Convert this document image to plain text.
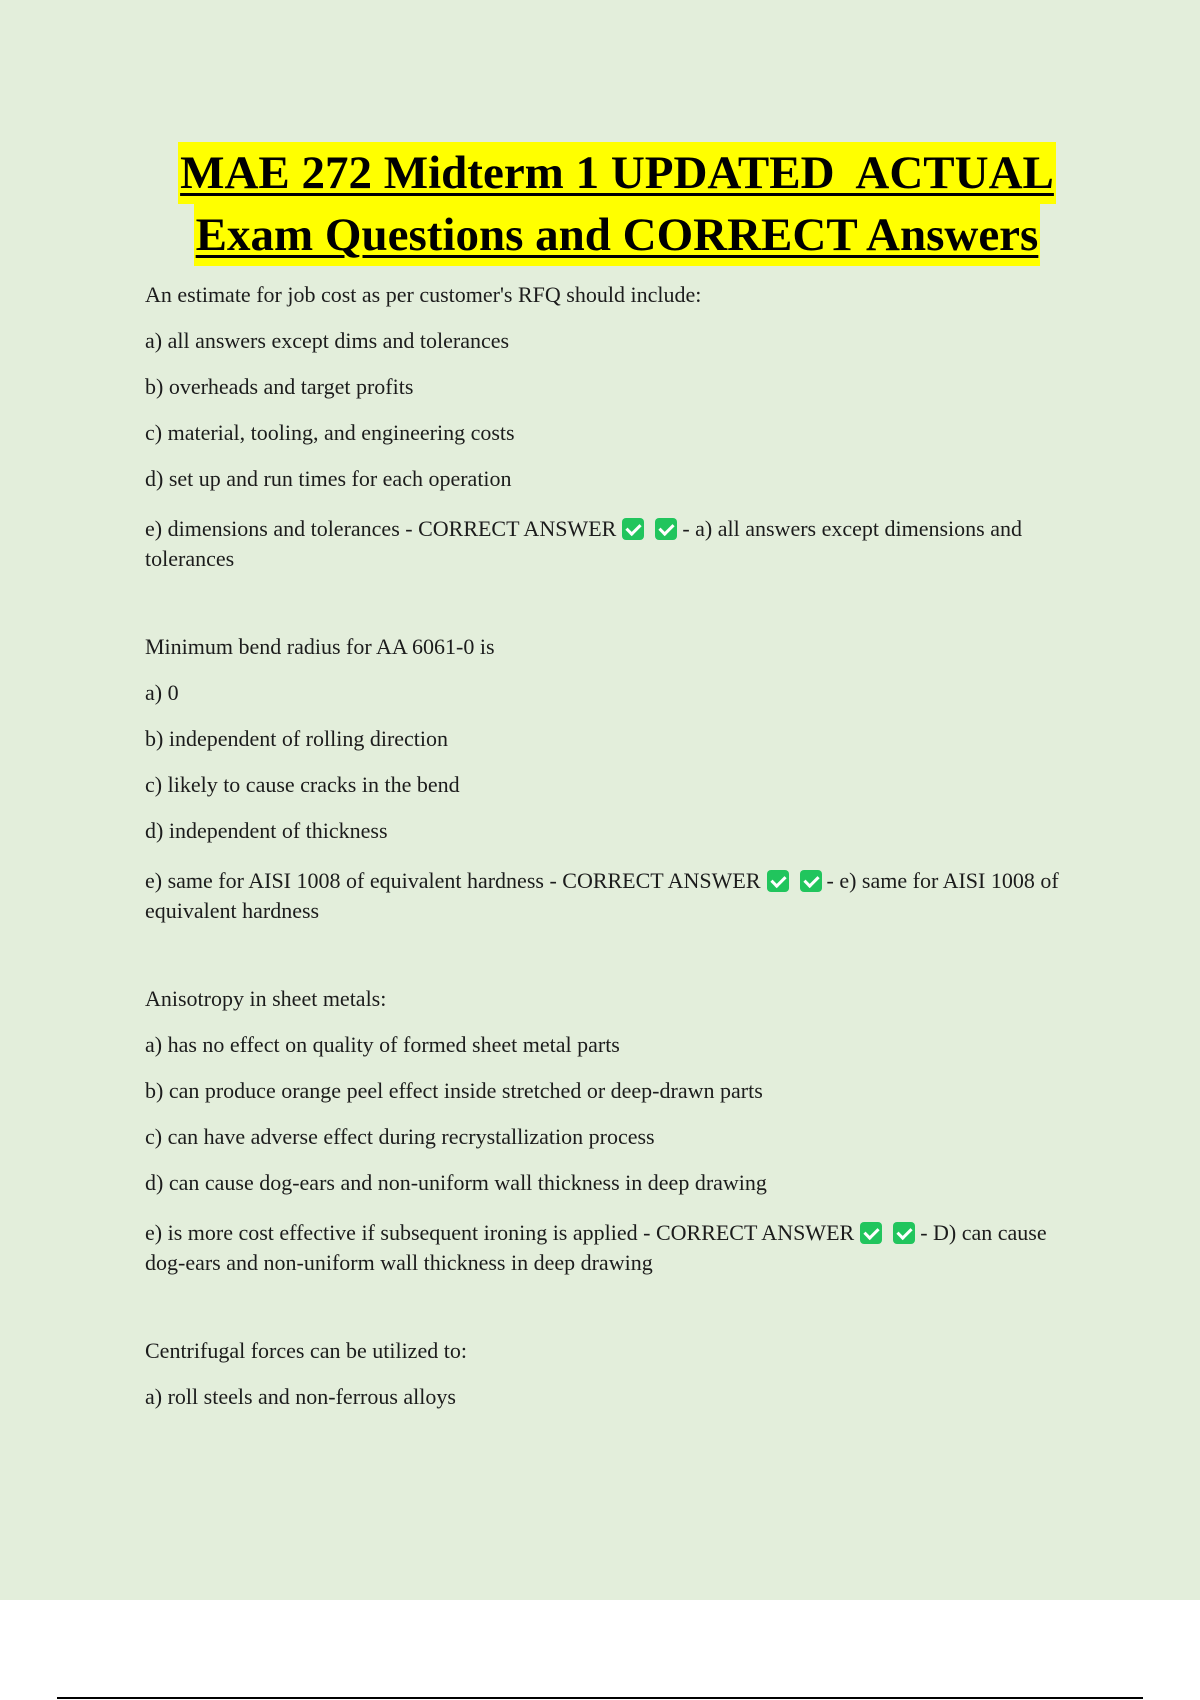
MAE 272 Midterm 1 UPDATED  ACTUAL
Exam Questions and CORRECT Answers

An estimate for job cost as per customer's RFQ should include:

a) all answers except dims and tolerances

b) overheads and target profits

c) material, tooling, and engineering costs

d) set up and run times for each operation

e) dimensions and tolerances - CORRECT ANSWER	- a) all answers except dimensions and tolerances

Minimum bend radius for AA 6061-0 is

a) 0

b) independent of rolling direction

c) likely to cause cracks in the bend

d) independent of thickness

e) same for AISI 1008 of equivalent hardness - CORRECT ANSWER	- e) same for AISI 1008 of equivalent hardness

Anisotropy in sheet metals:

a) has no effect on quality of formed sheet metal parts

b) can produce orange peel effect inside stretched or deep-drawn parts

c) can have adverse effect during recrystallization process

d) can cause dog-ears and non-uniform wall thickness in deep drawing

e) is more cost effective if subsequent ironing is applied - CORRECT ANSWER	- D) can cause dog-ears and non-uniform wall thickness in deep drawing

Centrifugal forces can be utilized to:

a) roll steels and non-ferrous alloys
